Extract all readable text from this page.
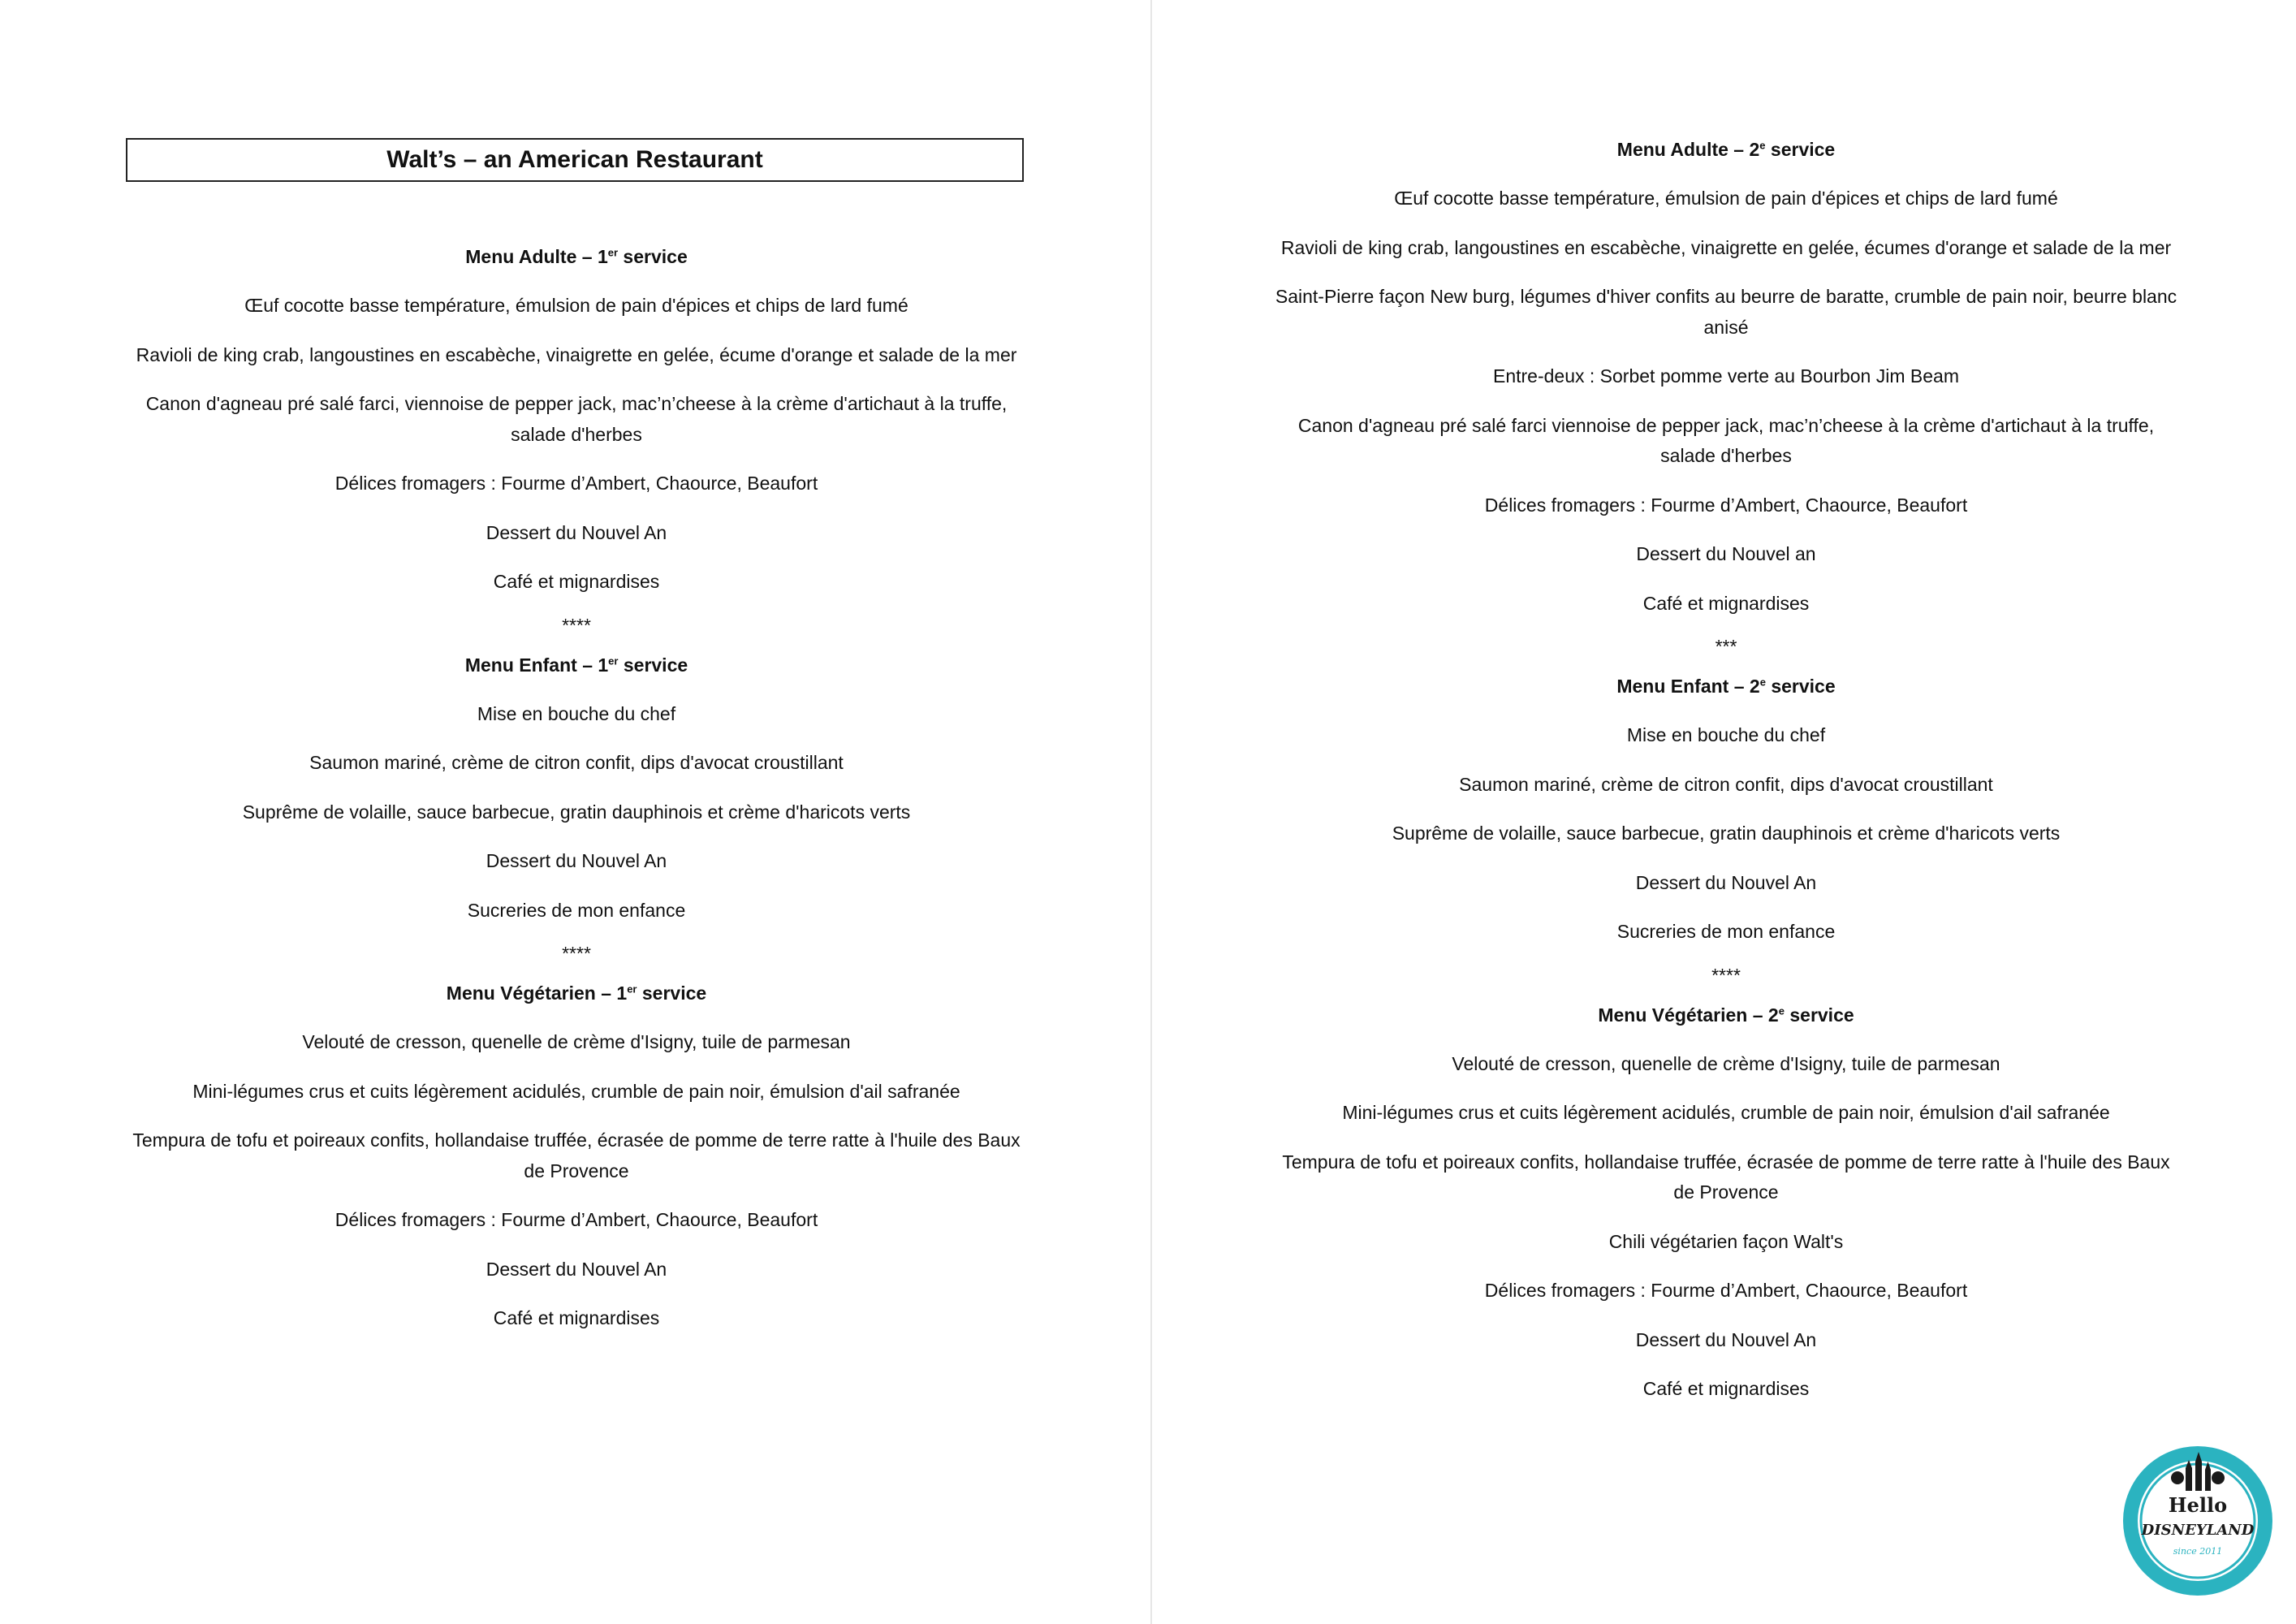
Walt’s – an American Restaurant
Menu Adulte – 1er service
Œuf cocotte basse température, émulsion de pain d'épices et chips de lard fumé
Ravioli de king crab, langoustines en escabèche, vinaigrette en gelée, écume d'orange et salade de la mer
Canon d'agneau pré salé farci, viennoise de pepper jack, mac’n’cheese à la crème d'artichaut à la truffe, salade d'herbes
Délices fromagers : Fourme d’Ambert, Chaource, Beaufort
Dessert du Nouvel An
Café et mignardises
****
Menu Enfant – 1er service
Mise en bouche du chef
Saumon mariné, crème de citron confit, dips d'avocat croustillant
Suprême de volaille, sauce barbecue, gratin dauphinois et crème d'haricots verts
Dessert du Nouvel An
Sucreries de mon enfance
****
Menu Végétarien – 1er service
Velouté de cresson, quenelle de crème d'Isigny, tuile de parmesan
Mini-légumes crus et cuits légèrement acidulés, crumble de pain noir, émulsion d'ail safranée
Tempura de tofu et poireaux confits, hollandaise truffée, écrasée de pomme de terre ratte à l'huile des Baux de Provence
Délices fromagers : Fourme d’Ambert, Chaource, Beaufort
Dessert du Nouvel An
Café et mignardises
Menu Adulte – 2e service
Œuf cocotte basse température, émulsion de pain d'épices et chips de lard fumé
Ravioli de king crab, langoustines en escabèche, vinaigrette en gelée, écumes d'orange et salade de la mer
Saint-Pierre façon New burg, légumes d'hiver confits au beurre de baratte, crumble de pain noir, beurre blanc anisé
Entre-deux : Sorbet pomme verte au Bourbon Jim Beam
Canon d'agneau pré salé farci viennoise de pepper jack, mac’n’cheese à la crème d'artichaut à la truffe, salade d'herbes
Délices fromagers : Fourme d’Ambert, Chaource, Beaufort
Dessert du Nouvel an
Café et mignardises
***
Menu Enfant – 2e service
Mise en bouche du chef
Saumon mariné, crème de citron confit, dips d'avocat croustillant
Suprême de volaille, sauce barbecue, gratin dauphinois et crème d'haricots verts
Dessert du Nouvel An
Sucreries de mon enfance
****
Menu Végétarien – 2e service
Velouté de cresson, quenelle de crème d'Isigny, tuile de parmesan
Mini-légumes crus et cuits légèrement acidulés, crumble de pain noir, émulsion d'ail safranée
Tempura de tofu et poireaux confits, hollandaise truffée, écrasée de pomme de terre ratte à l'huile des Baux de Provence
Chili végétarien façon Walt's
Délices fromagers : Fourme d’Ambert, Chaource, Beaufort
Dessert du Nouvel An
Café et mignardises
Hello
DISNEYLAND
since 2011
